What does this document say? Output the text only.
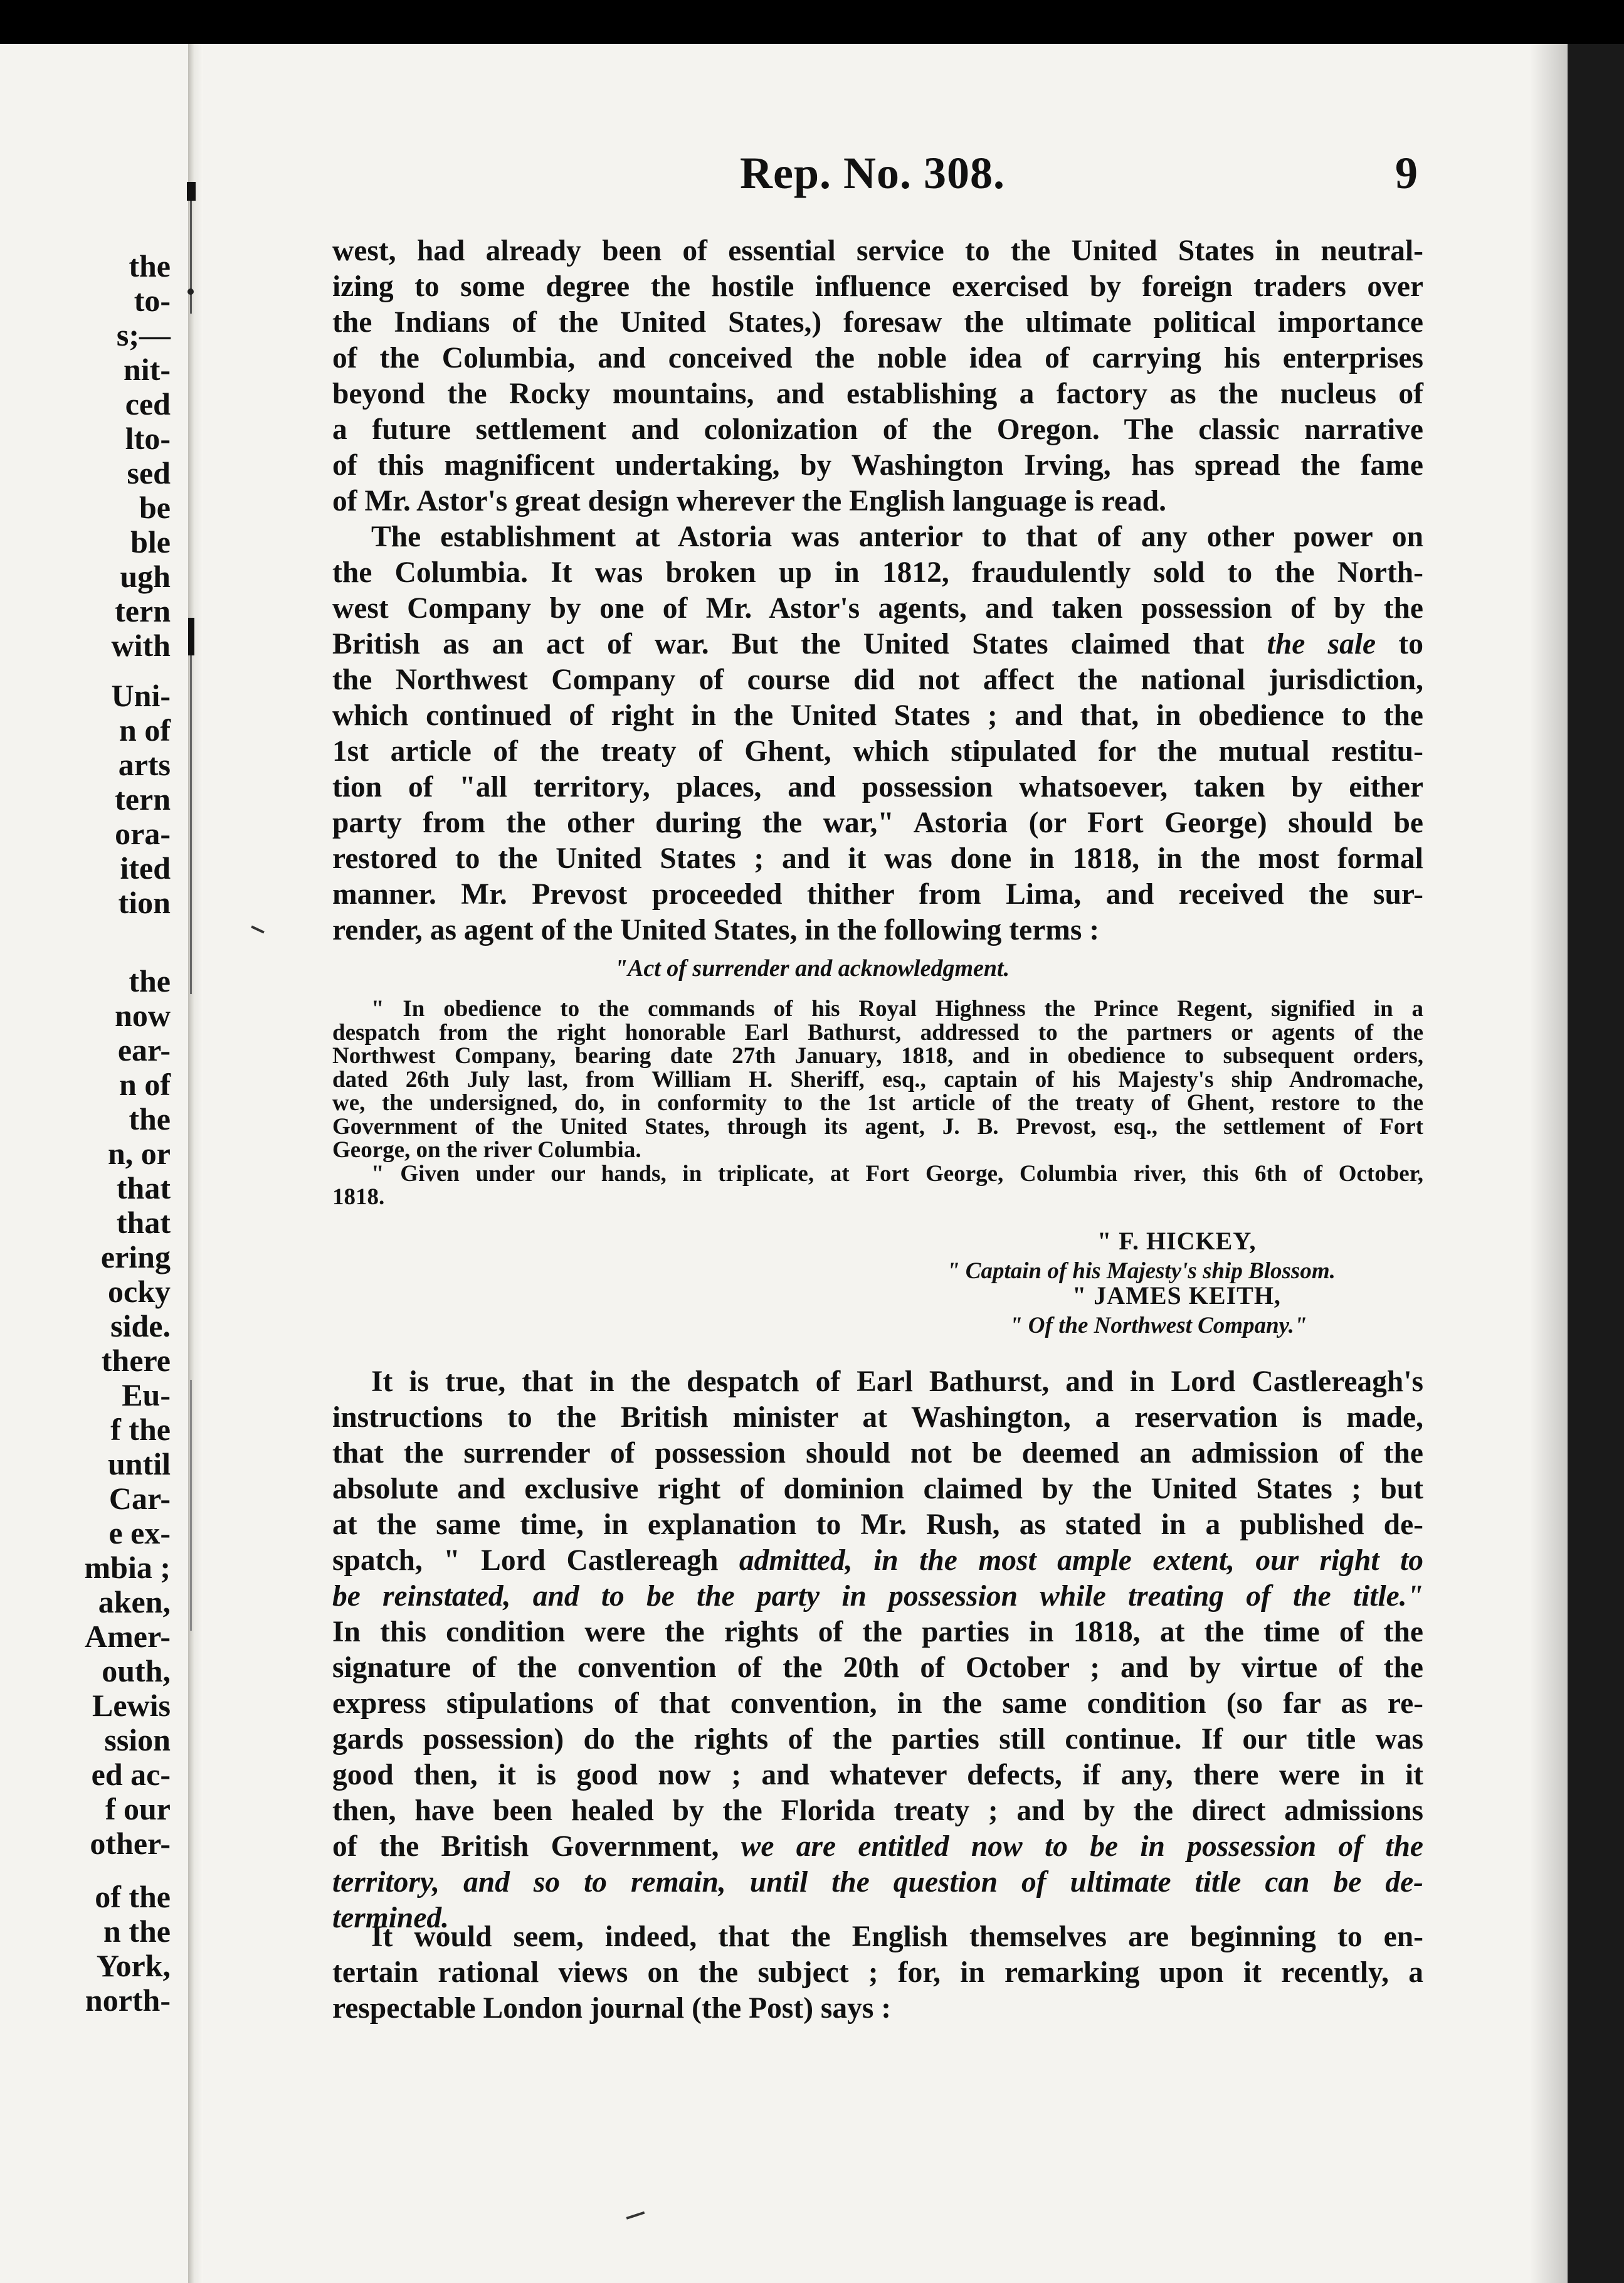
the
to-
s;—
nit-
ced
lto-
sed
be
ble
ugh
tern
with
Uni-
n of
arts
tern
ora-
ited
tion
the
now
ear-
n of
the
n, or
that
that
ering
ocky
side.
there
Eu-
f the
until
Car-
e ex-
mbia ;
aken,
Amer-
outh,
Lewis
ssion
ed ac-
f our
other-
of the
n the
York,
north-
Rep. No. 308.	9
west, had already been of essential service to the United States in neutral-
izing to some degree the hostile influence exercised by foreign traders over
the Indians of the United States,) foresaw the ultimate political importance
of the Columbia, and conceived the noble idea of carrying his enterprises
beyond the Rocky mountains, and establishing a factory as the nucleus of
a future settlement and colonization of the Oregon. The classic narrative
of this magnificent undertaking, by Washington Irving, has spread the fame
of Mr. Astor's great design wherever the English language is read.
The establishment at Astoria was anterior to that of any other power on
the Columbia. It was broken up in 1812, fraudulently sold to the North-
west Company by one of Mr. Astor's agents, and taken possession of by the
British as an act of war. But the United States claimed that the sale to
the Northwest Company of course did not affect the national jurisdiction,
which continued of right in the United States ; and that, in obedience to the
1st article of the treaty of Ghent, which stipulated for the mutual restitu-
tion of "all territory, places, and possession whatsoever, taken by either
party from the other during the war," Astoria (or Fort George) should be
restored to the United States ; and it was done in 1818, in the most formal
manner. Mr. Prevost proceeded thither from Lima, and received the sur-
render, as agent of the United States, in the following terms :
"Act of surrender and acknowledgment.
" In obedience to the commands of his Royal Highness the Prince Regent, signified in a
despatch from the right honorable Earl Bathurst, addressed to the partners or agents of the
Northwest Company, bearing date 27th January, 1818, and in obedience to subsequent orders,
dated 26th July last, from William H. Sheriff, esq., captain of his Majesty's ship Andromache,
we, the undersigned, do, in conformity to the 1st article of the treaty of Ghent, restore to the
Government of the United States, through its agent, J. B. Prevost, esq., the settlement of Fort
George, on the river Columbia.
" Given under our hands, in triplicate, at Fort George, Columbia river, this 6th of October,
1818.
" F. HICKEY,
" Captain of his Majesty's ship Blossom.
" JAMES KEITH,
" Of the Northwest Company."
It is true, that in the despatch of Earl Bathurst, and in Lord Castlereagh's
instructions to the British minister at Washington, a reservation is made,
that the surrender of possession should not be deemed an admission of the
absolute and exclusive right of dominion claimed by the United States ; but
at the same time, in explanation to Mr. Rush, as stated in a published de-
spatch, " Lord Castlereagh admitted, in the most ample extent, our right to
be reinstated, and to be the party in possession while treating of the title."
In this condition were the rights of the parties in 1818, at the time of the
signature of the convention of the 20th of October ; and by virtue of the
express stipulations of that convention, in the same condition (so far as re-
gards possession) do the rights of the parties still continue. If our title was
good then, it is good now ; and whatever defects, if any, there were in it
then, have been healed by the Florida treaty ; and by the direct admissions
of the British Government, we are entitled now to be in possession of the
territory, and so to remain, until the question of ultimate title can be de-
termined.
It would seem, indeed, that the English themselves are beginning to en-
tertain rational views on the subject ; for, in remarking upon it recently, a
respectable London journal (the Post) says :
